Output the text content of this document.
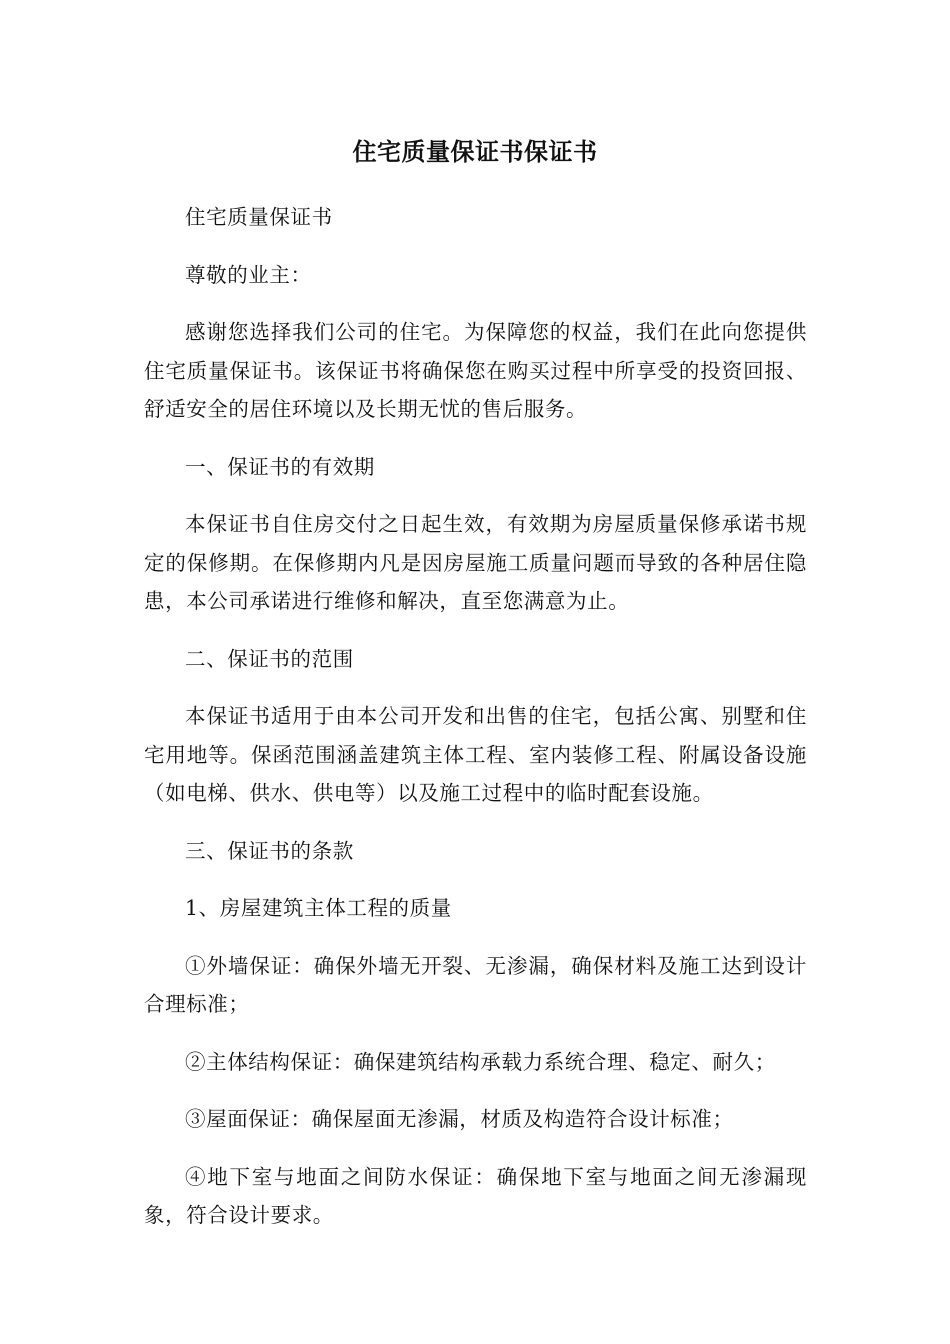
住宅质量保证书保证书

住宅质量保证书

尊敬的业主：

感谢您选择我们公司的住宅。为保障您的权益，我们在此向您提供住宅质量保证书。该保证书将确保您在购买过程中所享受的投资回报、舒适安全的居住环境以及长期无忧的售后服务。

一、保证书的有效期

本保证书自住房交付之日起生效，有效期为房屋质量保修承诺书规定的保修期。在保修期内凡是因房屋施工质量问题而导致的各种居住隐患，本公司承诺进行维修和解决，直至您满意为止。

二、保证书的范围

本保证书适用于由本公司开发和出售的住宅，包括公寓、别墅和住宅用地等。保函范围涵盖建筑主体工程、室内装修工程、附属设备设施（如电梯、供水、供电等）以及施工过程中的临时配套设施。

三、保证书的条款

1、房屋建筑主体工程的质量

①外墙保证：确保外墙无开裂、无渗漏，确保材料及施工达到设计合理标准；

②主体结构保证：确保建筑结构承载力系统合理、稳定、耐久；

③屋面保证：确保屋面无渗漏，材质及构造符合设计标准；

④地下室与地面之间防水保证：确保地下室与地面之间无渗漏现象，符合设计要求。
